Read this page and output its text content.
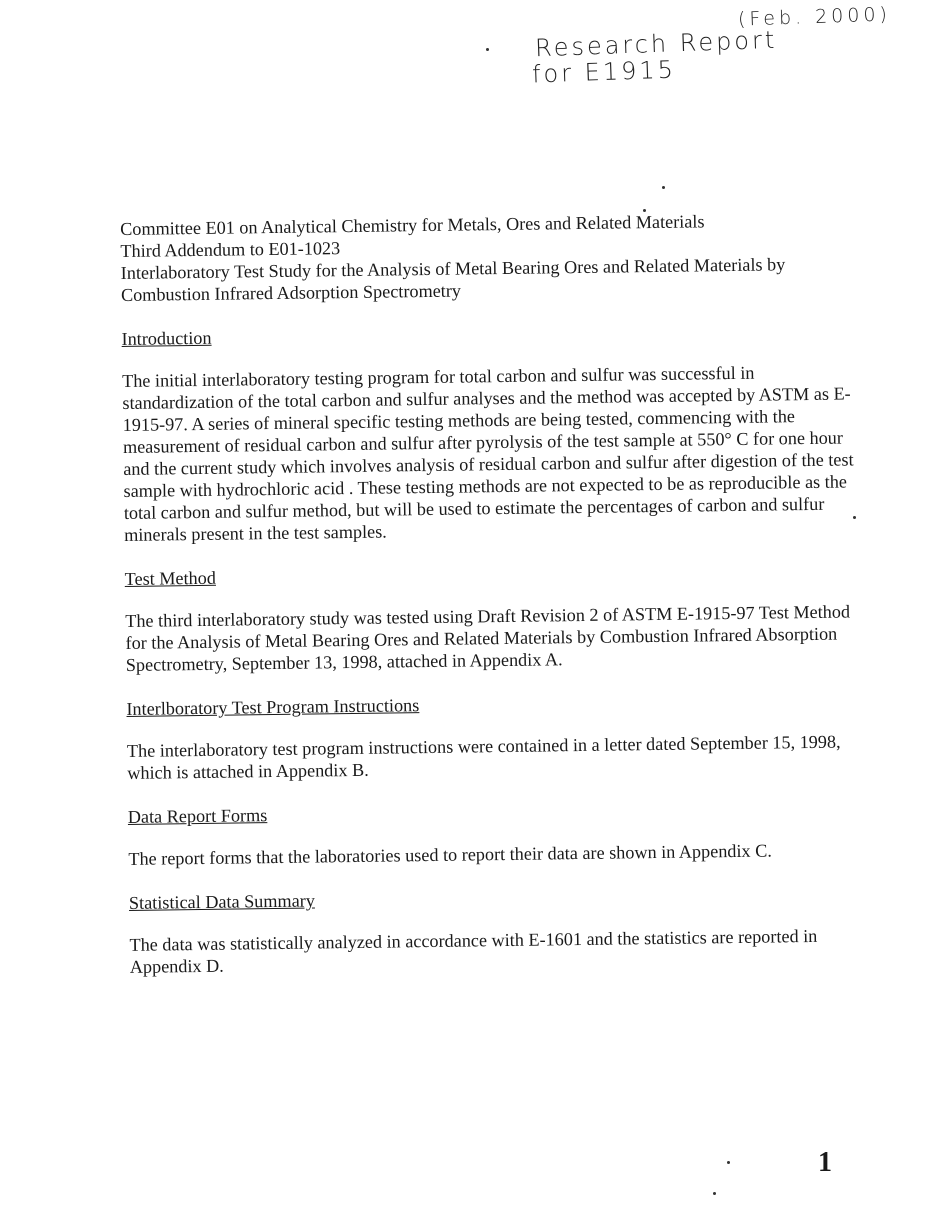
(Feb. 2000)
Research Report
for E1915
Committee E01 on Analytical Chemistry for Metals, Ores and Related Materials
Third Addendum to E01-1023
Interlaboratory Test Study for the Analysis of Metal Bearing Ores and Related Materials by
Combustion Infrared Adsorption Spectrometry
Introduction

The initial interlaboratory testing program for total carbon and sulfur was successful in standardization of the total carbon and sulfur analyses and the method was accepted by ASTM as E-1915-97. A series of mineral specific testing methods are being tested, commencing with the measurement of residual carbon and sulfur after pyrolysis of the test sample at 550° C for one hour and the current study which involves analysis of residual carbon and sulfur after digestion of the test sample with hydrochloric acid . These testing methods are not expected to be as reproducible as the total carbon and sulfur method, but will be used to estimate the percentages of carbon and sulfur minerals present in the test samples.

Test Method

The third interlaboratory study was tested using Draft Revision 2 of ASTM E-1915-97 Test Method for the Analysis of Metal Bearing Ores and Related Materials by Combustion Infrared Absorption Spectrometry, September 13, 1998, attached in Appendix A.

Interlboratory Test Program Instructions

The interlaboratory test program instructions were contained in a letter dated September 15, 1998, which is attached in Appendix B.

Data Report Forms

The report forms that the laboratories used to report their data are shown in Appendix C.

Statistical Data Summary

The data was statistically analyzed in accordance with E-1601 and the statistics are reported in Appendix D.

1
